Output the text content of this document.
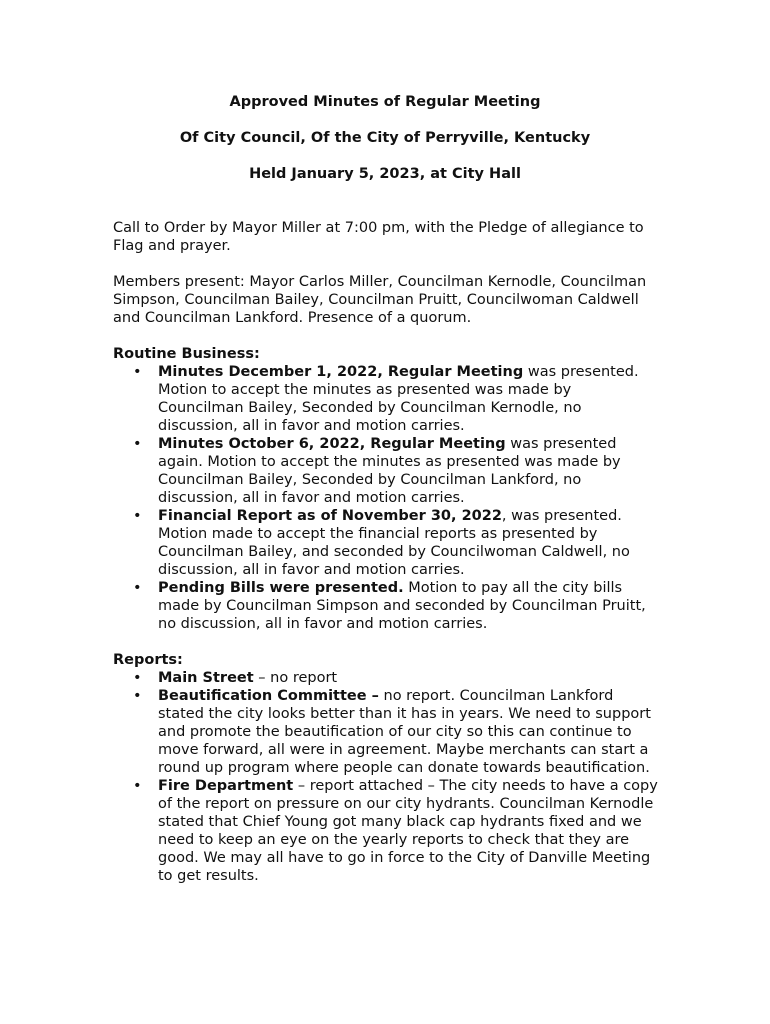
Approved Minutes of Regular Meeting
Of City Council, Of the City of Perryville, Kentucky
Held January 5, 2023, at City Hall

Call to Order by Mayor Miller at 7:00 pm, with the Pledge of allegiance to Flag and prayer.

Members present: Mayor Carlos Miller, Councilman Kernodle, Councilman Simpson, Councilman Bailey, Councilman Pruitt, Councilwoman Caldwell and Councilman Lankford. Presence of a quorum.

Routine Business:
• Minutes December 1, 2022, Regular Meeting was presented. Motion to accept the minutes as presented was made by Councilman Bailey, Seconded by Councilman Kernodle, no discussion, all in favor and motion carries.
• Minutes October 6, 2022, Regular Meeting was presented again. Motion to accept the minutes as presented was made by Councilman Bailey, Seconded by Councilman Lankford, no discussion, all in favor and motion carries.
• Financial Report as of November 30, 2022, was presented. Motion made to accept the financial reports as presented by Councilman Bailey, and seconded by Councilwoman Caldwell, no discussion, all in favor and motion carries.
• Pending Bills were presented. Motion to pay all the city bills made by Councilman Simpson and seconded by Councilman Pruitt, no discussion, all in favor and motion carries.
Reports:
• Main Street – no report
• Beautification Committee – no report. Councilman Lankford stated the city looks better than it has in years. We need to support and promote the beautification of our city so this can continue to move forward, all were in agreement. Maybe merchants can start a round up program where people can donate towards beautification.
• Fire Department – report attached – The city needs to have a copy of the report on pressure on our city hydrants. Councilman Kernodle stated that Chief Young got many black cap hydrants fixed and we need to keep an eye on the yearly reports to check that they are good. We may all have to go in force to the City of Danville Meeting to get results.
